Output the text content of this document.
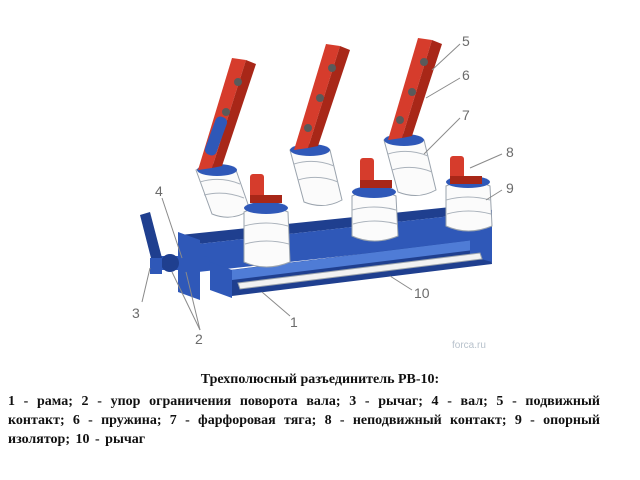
1
2
3
4
5
6
7
8
9
10
forca.ru
Трехполюсный разъединитель РВ-10:
1 - рама; 2 - упор ограничения поворота вала; 3 - рычаг; 4 - вал; 5 - подвижный контакт; 6 - пружина; 7 - фарфоровая тяга; 8 - неподвижный контакт; 9 - опорный изолятор; 10 - рычаг
